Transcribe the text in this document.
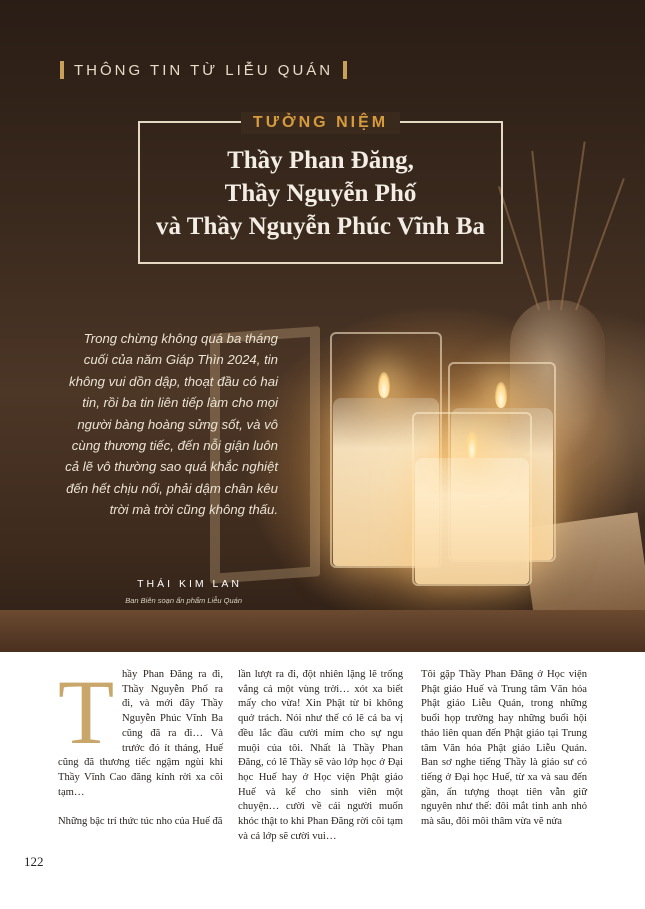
THÔNG TIN TỪ LIỄU QUÁN
TƯỞNG NIỆM
Thầy Phan Đăng,
Thầy Nguyễn Phố
và Thầy Nguyễn Phúc Vĩnh Ba
Trong chừng không quá ba tháng cuối của năm Giáp Thìn 2024, tin không vui dồn dập, thoạt đầu có hai tin, rồi ba tin liên tiếp làm cho mọi người bàng hoàng sửng sốt, và vô cùng thương tiếc, đến nỗi giận luôn cả lẽ vô thường sao quá khắc nghiệt đến hết chịu nổi, phải dậm chân kêu trời mà trời cũng không thấu.
THÁI KIM LAN
Ban Biên soạn ấn phẩm Liễu Quán
T hầy Phan Đăng ra đi, Thầy Nguyễn Phố ra đi, và mới đây Thầy Nguyễn Phúc Vĩnh Ba cũng đã ra đi… Và trước đó ít tháng, Huế cũng đã thương tiếc ngậm ngùi khi Thầy Vĩnh Cao đăng kính rời xa cõi tạm…

Những bậc trí thức túc nho của Huế đã

lần lượt ra đi, đột nhiên lặng lẽ trống vắng cả một vùng trời… xót xa biết mấy cho vừa! Xin Phật từ bi không quở trách. Nói như thế có lẽ cả ba vị đều lắc đầu cười mỉm cho sự ngu muội của tôi. Nhất là Thầy Phan Đăng, có lẽ Thầy sẽ vào lớp học ở Đại học Huế hay ở Học viện Phật giáo Huế và kể cho sinh viên một chuyện… cười về cái người muốn khóc thật to khi Phan Đăng rời cõi tạm và cả lớp sẽ cười vui…

Tôi gặp Thầy Phan Đăng ở Học viện Phật giáo Huế và Trung tâm Văn hóa Phật giáo Liễu Quán, trong những buổi họp trường hay những buổi hội thảo liên quan đến Phật giáo tại Trung tâm Văn hóa Phật giáo Liễu Quán. Ban sơ nghe tiếng Thầy là giáo sư có tiếng ở Đại học Huế, từ xa và sau đến gần, ấn tượng thoạt tiên vẫn giữ nguyên như thế: đôi mắt tinh anh nhỏ mà sâu, đôi môi thâm vừa vẽ nửa

122
